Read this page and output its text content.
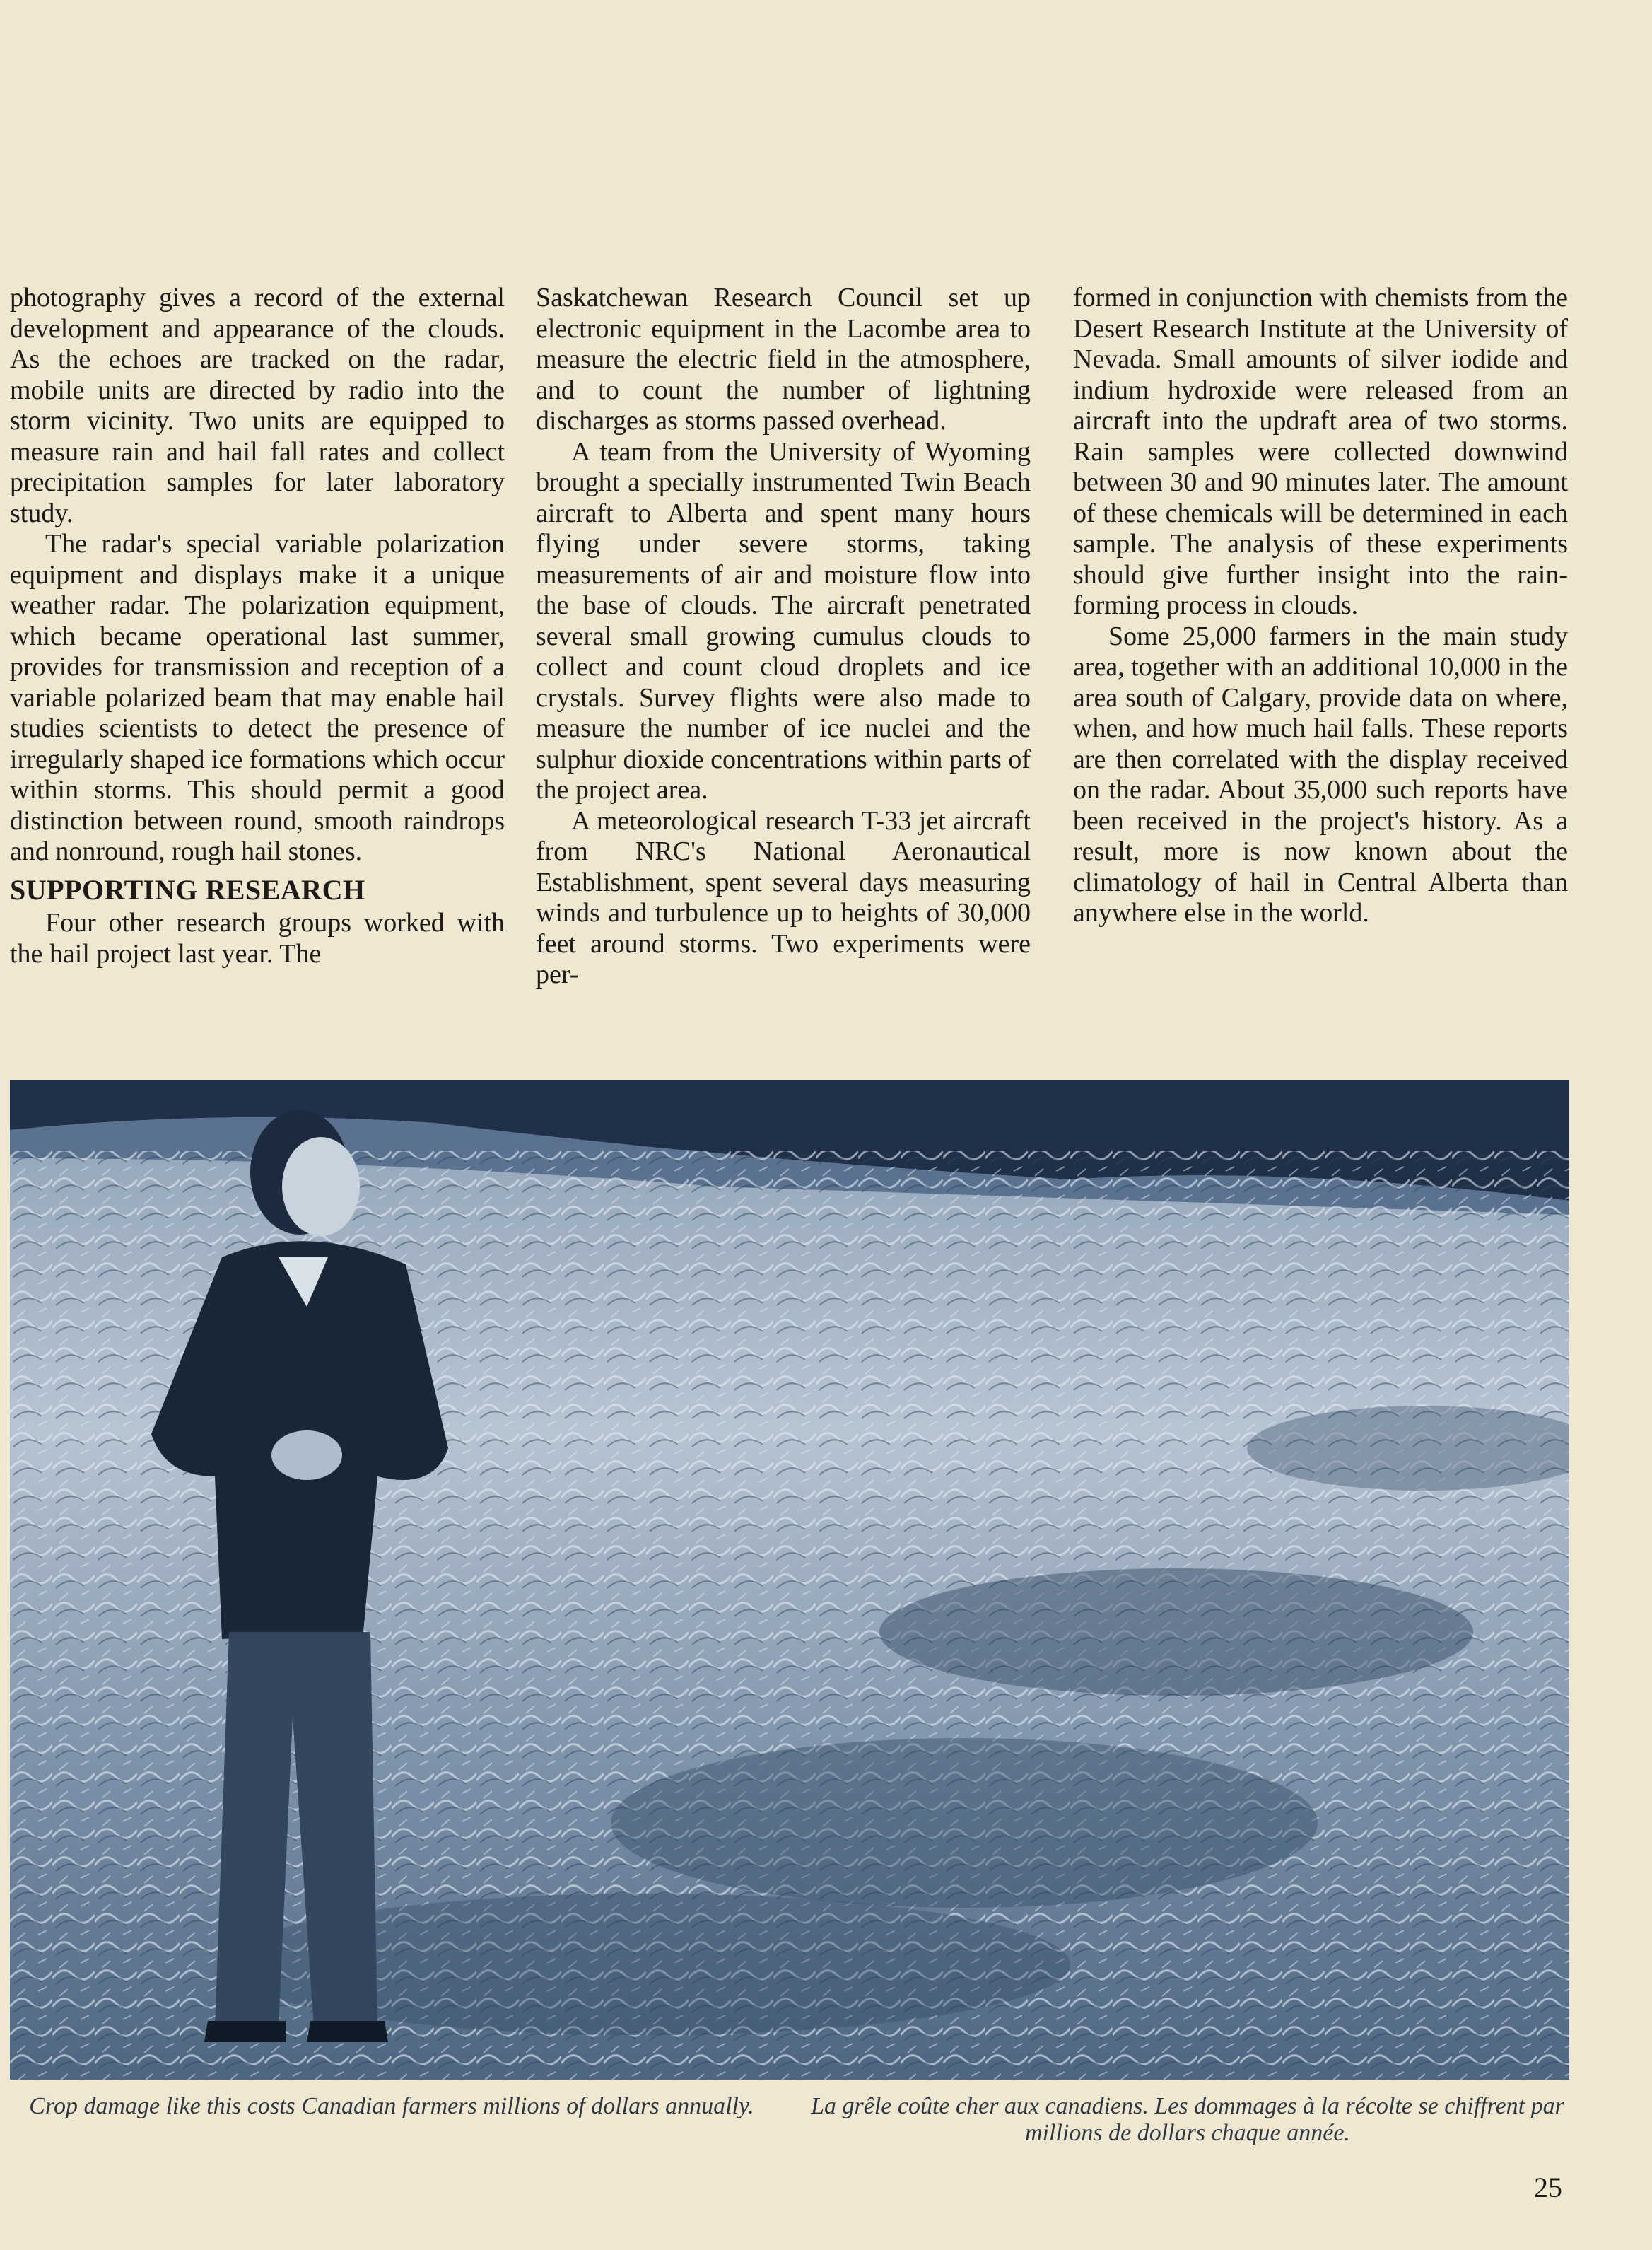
photography gives a record of the external development and appearance of the clouds. As the echoes are tracked on the radar, mobile units are directed by radio into the storm vicinity. Two units are equipped to measure rain and hail fall rates and collect precipitation samples for later laboratory study.

The radar's special variable polarization equipment and displays make it a unique weather radar. The polarization equipment, which became operational last summer, provides for transmission and reception of a variable polarized beam that may enable hail studies scientists to detect the presence of irregularly shaped ice formations which occur within storms. This should permit a good distinction between round, smooth raindrops and nonround, rough hail stones.

SUPPORTING RESEARCH

Four other research groups worked with the hail project last year. The

Saskatchewan Research Council set up electronic equipment in the Lacombe area to measure the electric field in the atmosphere, and to count the number of lightning discharges as storms passed overhead.

A team from the University of Wyoming brought a specially instrumented Twin Beach aircraft to Alberta and spent many hours flying under severe storms, taking measurements of air and moisture flow into the base of clouds. The aircraft penetrated several small growing cumulus clouds to collect and count cloud droplets and ice crystals. Survey flights were also made to measure the number of ice nuclei and the sulphur dioxide concentrations within parts of the project area.

A meteorological research T-33 jet aircraft from NRC's National Aeronautical Establishment, spent several days measuring winds and turbulence up to heights of 30,000 feet around storms. Two experiments were per-

formed in conjunction with chemists from the Desert Research Institute at the University of Nevada. Small amounts of silver iodide and indium hydroxide were released from an aircraft into the updraft area of two storms. Rain samples were collected downwind between 30 and 90 minutes later. The amount of these chemicals will be determined in each sample. The analysis of these experiments should give further insight into the rain-forming process in clouds.

Some 25,000 farmers in the main study area, together with an additional 10,000 in the area south of Calgary, provide data on where, when, and how much hail falls. These reports are then correlated with the display received on the radar. About 35,000 such reports have been received in the project's history. As a result, more is now known about the climatology of hail in Central Alberta than anywhere else in the world.

Crop damage like this costs Canadian farmers millions of dollars annually.	La grêle coûte cher aux canadiens. Les dommages à la récolte se chiffrent par millions de dollars chaque année.
25
